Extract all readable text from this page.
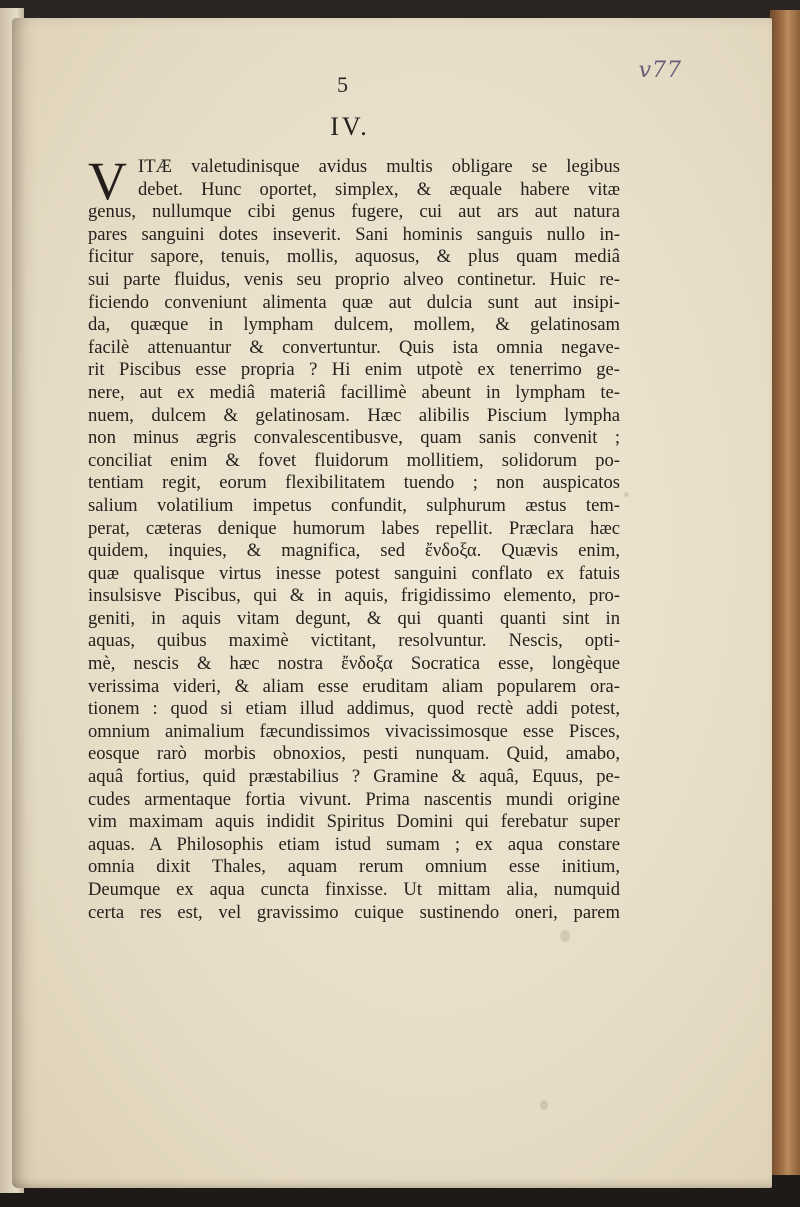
v77
5
IV.
V ITÆ valetudinisque avidus multis obligare se legibus
debet. Hunc oportet, simplex, & æquale habere vitæ
genus, nullumque cibi genus fugere, cui aut ars aut natura
pares sanguini dotes inseverit. Sani hominis sanguis nullo in-
ficitur sapore, tenuis, mollis, aquosus, & plus quam mediâ
sui parte fluidus, venis seu proprio alveo continetur. Huic re-
ficiendo conveniunt alimenta quæ aut dulcia sunt aut insipi-
da, quæque in lympham dulcem, mollem, & gelatinosam
facilè attenuantur & convertuntur. Quis ista omnia negave-
rit Piscibus esse propria ? Hi enim utpotè ex tenerrimo ge-
nere, aut ex mediâ materiâ facillimè abeunt in lympham te-
nuem, dulcem & gelatinosam. Hæc alibilis Piscium lympha
non minus ægris convalescentibusve, quam sanis convenit ;
conciliat enim & fovet fluidorum mollitiem, solidorum po-
tentiam regit, eorum flexibilitatem tuendo ; non auspicatos
salium volatilium impetus confundit, sulphurum æstus tem-
perat, cæteras denique humorum labes repellit. Præclara hæc
quidem, inquies, & magnifica, sed ἔνδοξα. Quævis enim,
quæ qualisque virtus inesse potest sanguini conflato ex fatuis
insulsisve Piscibus, qui & in aquis, frigidissimo elemento, pro-
geniti, in aquis vitam degunt, & qui quanti quanti sint in
aquas, quibus maximè victitant, resolvuntur. Nescis, opti-
mè, nescis & hæc nostra ἔνδοξα Socratica esse, longèque
verissima videri, & aliam esse eruditam aliam popularem ora-
tionem : quod si etiam illud addimus, quod rectè addi potest,
omnium animalium fæcundissimos vivacissimosque esse Pisces,
eosque rarò morbis obnoxios, pesti nunquam. Quid, amabo,
aquâ fortius, quid præstabilius ? Gramine & aquâ, Equus, pe-
cudes armentaque fortia vivunt. Prima nascentis mundi origine
vim maximam aquis indidit Spiritus Domini qui ferebatur super
aquas. A Philosophis etiam istud sumam ; ex aqua constare
omnia dixit Thales, aquam rerum omnium esse initium,
Deumque ex aqua cuncta finxisse. Ut mittam alia, numquid
certa res est, vel gravissimo cuique sustinendo oneri, parem
